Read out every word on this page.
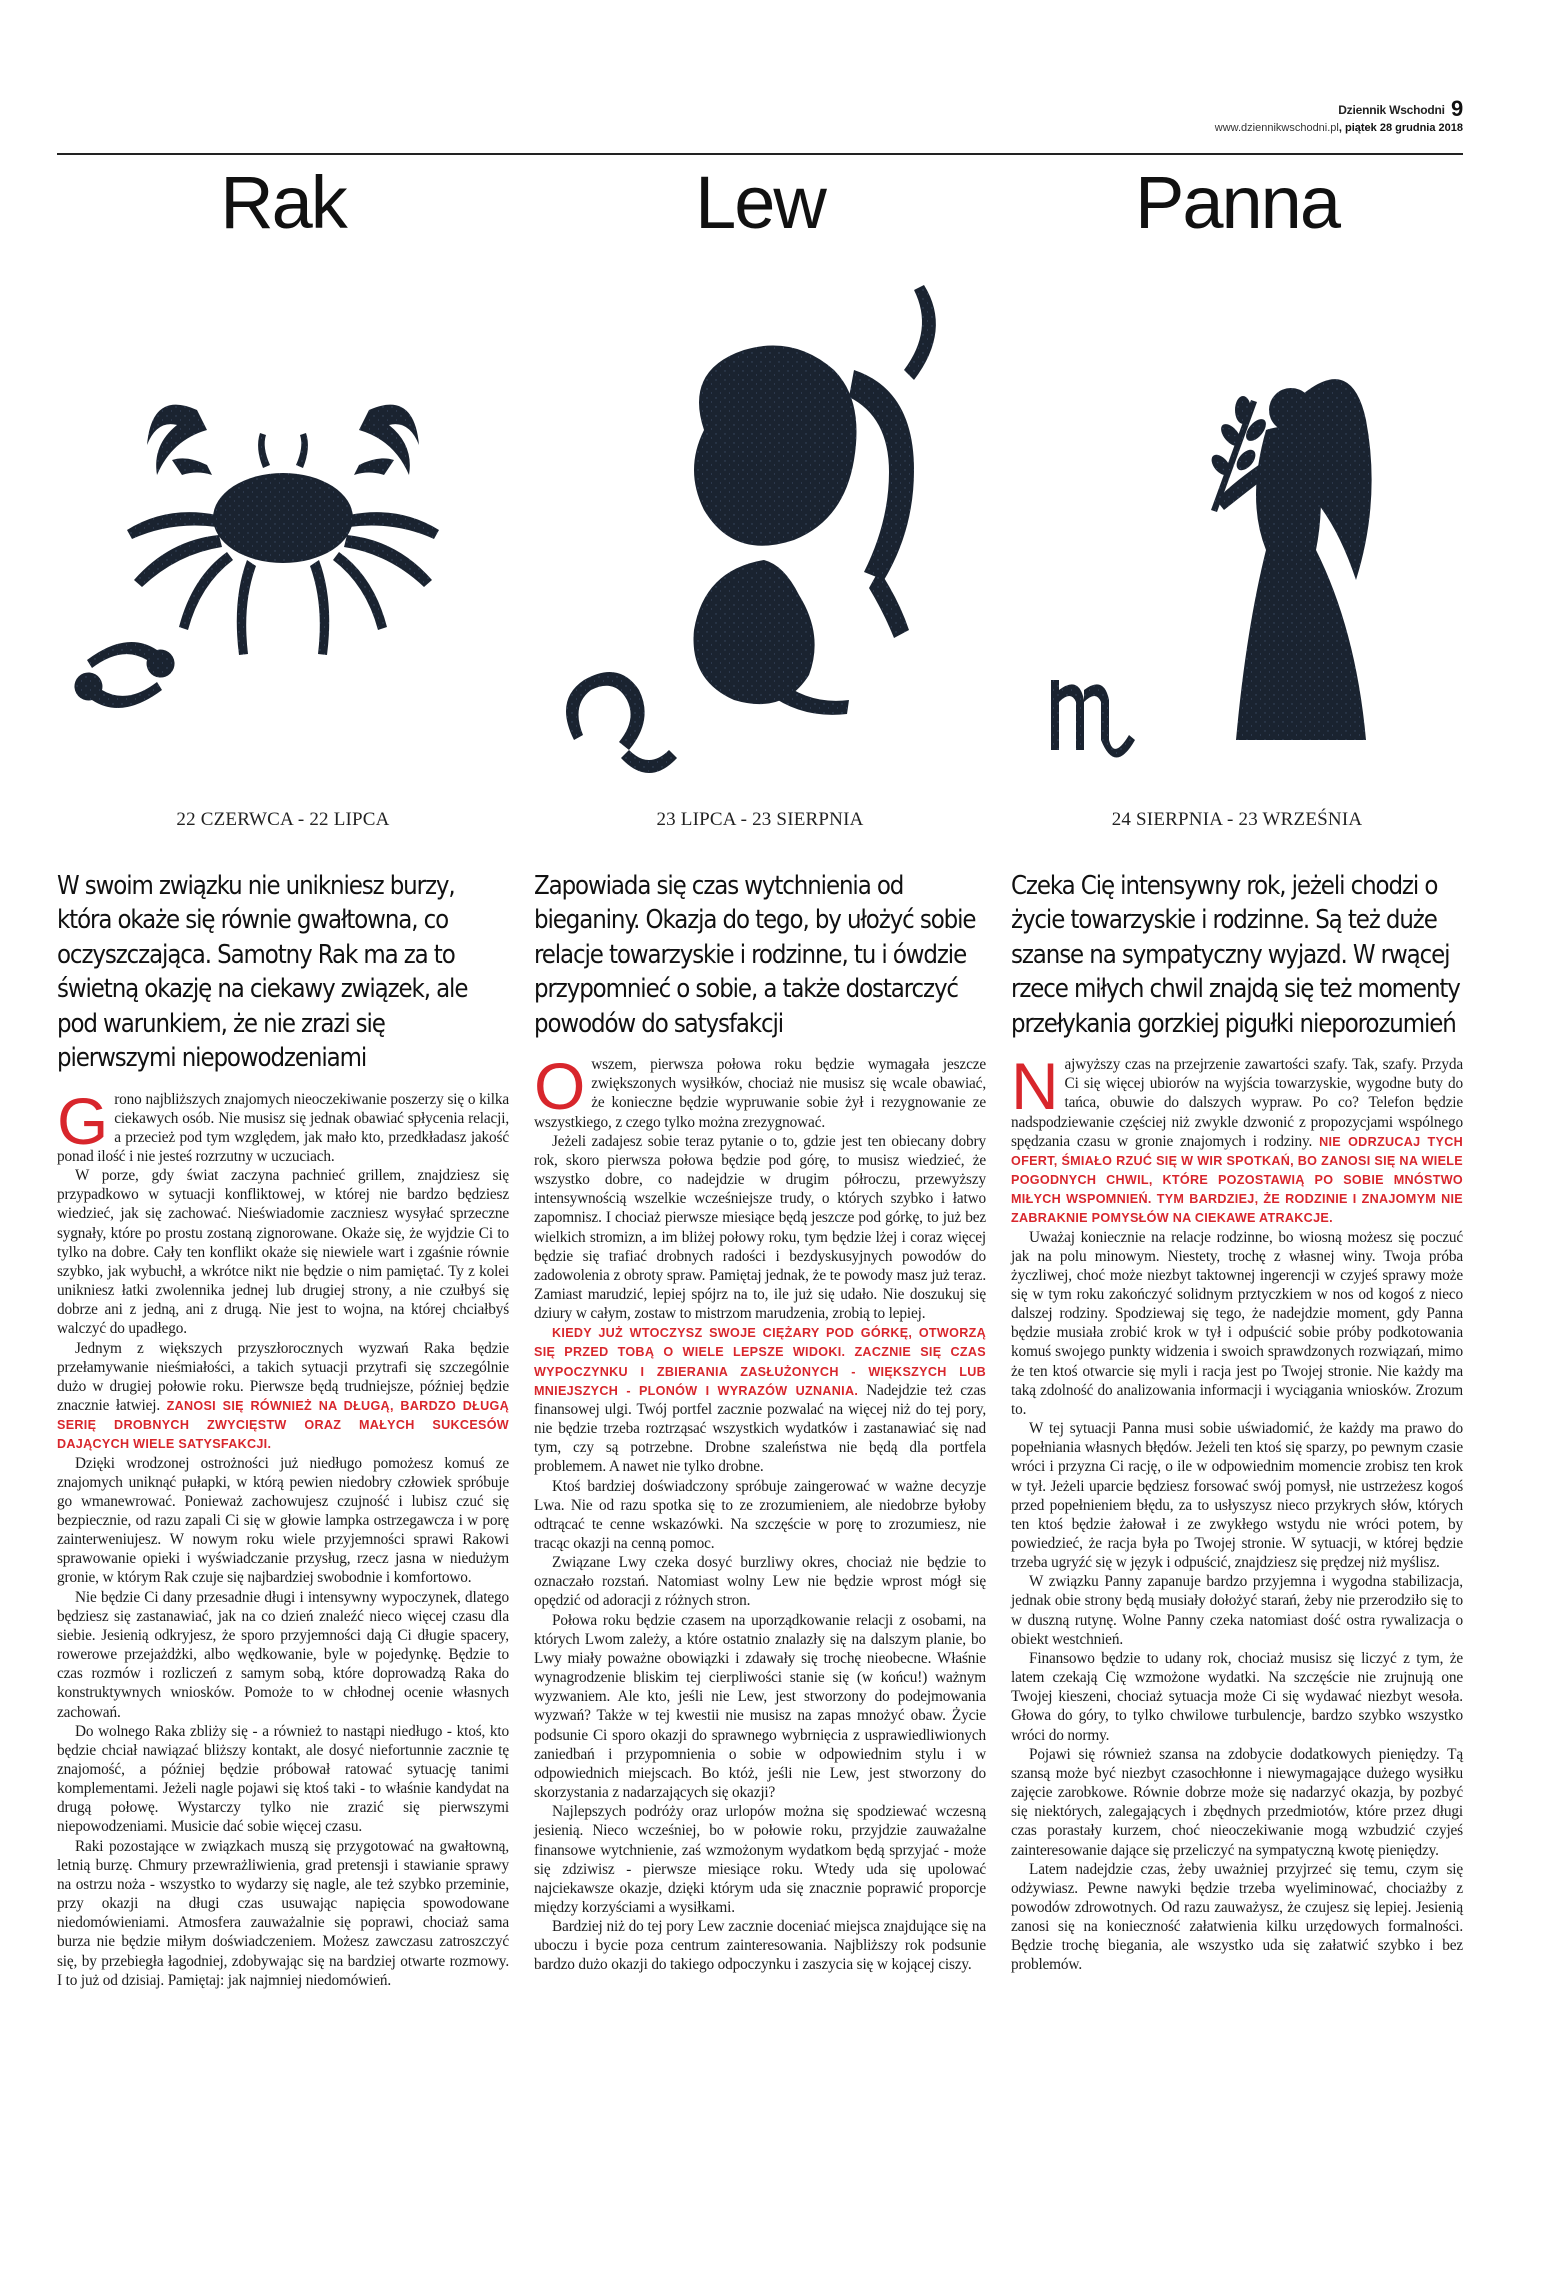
Dziennik Wschodni 9
www.dziennikwschodni.pl, piątek 28 grudnia 2018
Rak
22 CZERWCA - 22 LIPCA
W swoim związku nie unikniesz burzy, która okaże się równie gwałtowna, co oczyszczająca. Samotny Rak ma za to świetną okazję na ciekawy związek, ale pod warunkiem, że nie zrazi się pierwszymi niepowodzeniami

Grono najbliższych znajomych nieoczekiwanie poszerzy się o kilka ciekawych osób. Nie musisz się jednak obawiać spłycenia relacji, a przecież pod tym względem, jak mało kto, przedkładasz jakość ponad ilość i nie jesteś rozrzutny w uczuciach.

W porze, gdy świat zaczyna pachnieć grillem, znajdziesz się przypadkowo w sytuacji konfliktowej, w której nie bardzo będziesz wiedzieć, jak się zachować. Nieświadomie zaczniesz wysyłać sprzeczne sygnały, które po prostu zostaną zignorowane. Okaże się, że wyjdzie Ci to tylko na dobre. Cały ten konflikt okaże się niewiele wart i zgaśnie równie szybko, jak wybuchł, a wkrótce nikt nie będzie o nim pamiętać. Ty z kolei unikniesz łatki zwolennika jednej lub drugiej strony, a nie czułbyś się dobrze ani z jedną, ani z drugą. Nie jest to wojna, na której chciałbyś walczyć do upadłego.

Jednym z większych przyszłorocznych wyzwań Raka będzie przełamywanie nieśmiałości, a takich sytuacji przytrafi się szczególnie dużo w drugiej połowie roku. Pierwsze będą trudniejsze, później będzie znacznie łatwiej. ZANOSI SIĘ RÓWNIEŻ NA DŁUGĄ, BARDZO DŁUGĄ SERIĘ DROBNYCH ZWYCIĘSTW ORAZ MAŁYCH SUKCESÓW DAJĄCYCH WIELE SATYSFAKCJI.

Dzięki wrodzonej ostrożności już niedługo pomożesz komuś ze znajomych uniknąć pułapki, w którą pewien niedobry człowiek spróbuje go wmanewrować. Ponieważ zachowujesz czujność i lubisz czuć się bezpiecznie, od razu zapali Ci się w głowie lampka ostrzegawcza i w porę zainterweniujesz. W nowym roku wiele przyjemności sprawi Rakowi sprawowanie opieki i wyświadczanie przysług, rzecz jasna w niedużym gronie, w którym Rak czuje się najbardziej swobodnie i komfortowo.

Nie będzie Ci dany przesadnie długi i intensywny wypoczynek, dlatego będziesz się zastanawiać, jak na co dzień znaleźć nieco więcej czasu dla siebie. Jesienią odkryjesz, że sporo przyjemności dają Ci długie spacery, rowerowe przejażdżki, albo wędkowanie, byle w pojedynkę. Będzie to czas rozmów i rozliczeń z samym sobą, które doprowadzą Raka do konstruktywnych wniosków. Pomoże to w chłodnej ocenie własnych zachowań.

Do wolnego Raka zbliży się - a również to nastąpi niedługo - ktoś, kto będzie chciał nawiązać bliższy kontakt, ale dosyć niefortunnie zacznie tę znajomość, a później będzie próbował ratować sytuację tanimi komplementami. Jeżeli nagle pojawi się ktoś taki - to właśnie kandydat na drugą połowę. Wystarczy tylko nie zrazić się pierwszymi niepowodzeniami. Musicie dać sobie więcej czasu.

Raki pozostające w związkach muszą się przygotować na gwałtowną, letnią burzę. Chmury przewrażliwienia, grad pretensji i stawianie sprawy na ostrzu noża - wszystko to wydarzy się nagle, ale też szybko przeminie, przy okazji na długi czas usuwając napięcia spowodowane niedomówieniami. Atmosfera zauważalnie się poprawi, chociaż sama burza nie będzie miłym doświadczeniem. Możesz zawczasu zatroszczyć się, by przebiegła łagodniej, zdobywając się na bardziej otwarte rozmowy. I to już od dzisiaj. Pamiętaj: jak najmniej niedomówień.

Lew
23 LIPCA - 23 SIERPNIA
Zapowiada się czas wytchnienia od bieganiny. Okazja do tego, by ułożyć sobie relacje towarzyskie i rodzinne, tu i ówdzie przypomnieć o sobie, a także dostarczyć powodów do satysfakcji

Owszem, pierwsza połowa roku będzie wymagała jeszcze zwiększonych wysiłków, chociaż nie musisz się wcale obawiać, że konieczne będzie wypruwanie sobie żył i rezygnowanie ze wszystkiego, z czego tylko można zrezygnować.

Jeżeli zadajesz sobie teraz pytanie o to, gdzie jest ten obiecany dobry rok, skoro pierwsza połowa będzie pod górę, to musisz wiedzieć, że wszystko dobre, co nadejdzie w drugim półroczu, przewyższy intensywnością wszelkie wcześniejsze trudy, o których szybko i łatwo zapomnisz. I chociaż pierwsze miesiące będą jeszcze pod górkę, to już bez wielkich stromizn, a im bliżej połowy roku, tym będzie lżej i coraz więcej będzie się trafiać drobnych radości i bezdyskusyjnych powodów do zadowolenia z obroty spraw. Pamiętaj jednak, że te powody masz już teraz. Zamiast marudzić, lepiej spójrz na to, ile już się udało. Nie doszukuj się dziury w całym, zostaw to mistrzom marudzenia, zrobią to lepiej.

KIEDY JUŻ WTOCZYSZ SWOJE CIĘŻARY POD GÓRKĘ, OTWORZĄ SIĘ PRZED TOBĄ O WIELE LEPSZE WIDOKI. ZACZNIE SIĘ CZAS WYPOCZYNKU I ZBIERANIA ZASŁUŻONYCH - WIĘKSZYCH LUB MNIEJSZYCH - PLONÓW I WYRAZÓW UZNANIA. Nadejdzie też czas finansowej ulgi. Twój portfel zacznie pozwalać na więcej niż do tej pory, nie będzie trzeba roztrząsać wszystkich wydatków i zastanawiać się nad tym, czy są potrzebne. Drobne szaleństwa nie będą dla portfela problemem. A nawet nie tylko drobne.

Ktoś bardziej doświadczony spróbuje zaingerować w ważne decyzje Lwa. Nie od razu spotka się to ze zrozumieniem, ale niedobrze byłoby odtrącać te cenne wskazówki. Na szczęście w porę to zrozumiesz, nie tracąc okazji na cenną pomoc.

Związane Lwy czeka dosyć burzliwy okres, chociaż nie będzie to oznaczało rozstań. Natomiast wolny Lew nie będzie wprost mógł się opędzić od adoracji z różnych stron.

Połowa roku będzie czasem na uporządkowanie relacji z osobami, na których Lwom zależy, a które ostatnio znalazły się na dalszym planie, bo Lwy miały poważne obowiązki i zdawały się trochę nieobecne. Właśnie wynagrodzenie bliskim tej cierpliwości stanie się (w końcu!) ważnym wyzwaniem. Ale kto, jeśli nie Lew, jest stworzony do podejmowania wyzwań? Także w tej kwestii nie musisz na zapas mnożyć obaw. Życie podsunie Ci sporo okazji do sprawnego wybrnięcia z usprawiedliwionych zaniedbań i przypomnienia o sobie w odpowiednim stylu i w odpowiednich miejscach. Bo któż, jeśli nie Lew, jest stworzony do skorzystania z nadarzających się okazji?

Najlepszych podróży oraz urlopów można się spodziewać wczesną jesienią. Nieco wcześniej, bo w połowie roku, przyjdzie zauważalne finansowe wytchnienie, zaś wzmożonym wydatkom będą sprzyjać - może się zdziwisz - pierwsze miesiące roku. Wtedy uda się upolować najciekawsze okazje, dzięki którym uda się znacznie poprawić proporcje między korzyściami a wysiłkami.

Bardziej niż do tej pory Lew zacznie doceniać miejsca znajdujące się na uboczu i bycie poza centrum zainteresowania. Najbliższy rok podsunie bardzo dużo okazji do takiego odpoczynku i zaszycia się w kojącej ciszy.

Panna
24 SIERPNIA - 23 WRZEŚNIA
Czeka Cię intensywny rok, jeżeli chodzi o życie towarzyskie i rodzinne. Są też duże szanse na sympatyczny wyjazd. W rwącej rzece miłych chwil znajdą się też momenty przełykania gorzkiej pigułki nieporozumień

Najwyższy czas na przejrzenie zawartości szafy. Tak, szafy. Przyda Ci się więcej ubiorów na wyjścia towarzyskie, wygodne buty do tańca, obuwie do dalszych wypraw. Po co? Telefon będzie nadspodziewanie częściej niż zwykle dzwonić z propozycjami wspólnego spędzania czasu w gronie znajomych i rodziny. NIE ODRZUCAJ TYCH OFERT, ŚMIAŁO RZUĆ SIĘ W WIR SPOTKAŃ, BO ZANOSI SIĘ NA WIELE POGODNYCH CHWIL, KTÓRE POZOSTAWIĄ PO SOBIE MNÓSTWO MIŁYCH WSPOMNIEŃ. TYM BARDZIEJ, ŻE RODZINIE I ZNAJOMYM NIE ZABRAKNIE POMYSŁÓW NA CIEKAWE ATRAKCJE.

Uważaj koniecznie na relacje rodzinne, bo wiosną możesz się poczuć jak na polu minowym. Niestety, trochę z własnej winy. Twoja próba życzliwej, choć może niezbyt taktownej ingerencji w czyjeś sprawy może się w tym roku zakończyć solidnym prztyczkiem w nos od kogoś z nieco dalszej rodziny. Spodziewaj się tego, że nadejdzie moment, gdy Panna będzie musiała zrobić krok w tył i odpuścić sobie próby podkotowania komuś swojego punkty widzenia i swoich sprawdzonych rozwiązań, mimo że ten ktoś otwarcie się myli i racja jest po Twojej stronie. Nie każdy ma taką zdolność do analizowania informacji i wyciągania wniosków. Zrozum to.

W tej sytuacji Panna musi sobie uświadomić, że każdy ma prawo do popełniania własnych błędów. Jeżeli ten ktoś się sparzy, po pewnym czasie wróci i przyzna Ci rację, o ile w odpowiednim momencie zrobisz ten krok w tył. Jeżeli uparcie będziesz forsować swój pomysł, nie ustrzeżesz kogoś przed popełnieniem błędu, za to usłyszysz nieco przykrych słów, których ten ktoś będzie żałował i ze zwykłego wstydu nie wróci potem, by powiedzieć, że racja była po Twojej stronie. W sytuacji, w której będzie trzeba ugryźć się w język i odpuścić, znajdziesz się prędzej niż myślisz.

W związku Panny zapanuje bardzo przyjemna i wygodna stabilizacja, jednak obie strony będą musiały dołożyć starań, żeby nie przerodziło się to w duszną rutynę. Wolne Panny czeka natomiast dość ostra rywalizacja o obiekt westchnień.

Finansowo będzie to udany rok, chociaż musisz się liczyć z tym, że latem czekają Cię wzmożone wydatki. Na szczęście nie zrujnują one Twojej kieszeni, chociaż sytuacja może Ci się wydawać niezbyt wesoła. Głowa do góry, to tylko chwilowe turbulencje, bardzo szybko wszystko wróci do normy.

Pojawi się również szansa na zdobycie dodatkowych pieniędzy. Tą szansą może być niezbyt czasochłonne i niewymagające dużego wysiłku zajęcie zarobkowe. Równie dobrze może się nadarzyć okazja, by pozbyć się niektórych, zalegających i zbędnych przedmiotów, które przez długi czas porastały kurzem, choć nieoczekiwanie mogą wzbudzić czyjeś zainteresowanie dające się przeliczyć na sympatyczną kwotę pieniędzy.

Latem nadejdzie czas, żeby uważniej przyjrzeć się temu, czym się odżywiasz. Pewne nawyki będzie trzeba wyeliminować, chociażby z powodów zdrowotnych. Od razu zauważysz, że czujesz się lepiej. Jesienią zanosi się na konieczność załatwienia kilku urzędowych formalności. Będzie trochę biegania, ale wszystko uda się załatwić szybko i bez problemów.
